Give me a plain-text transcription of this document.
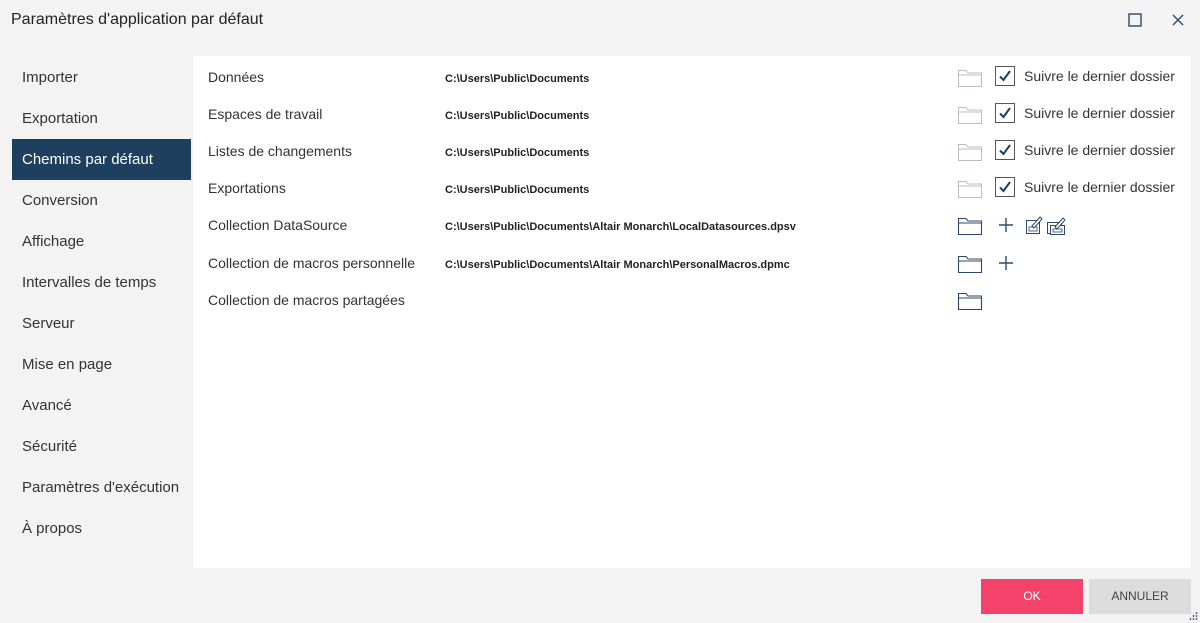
Paramètres d'application par défaut
Importer
Exportation
Chemins par défaut
Conversion
Affichage
Intervalles de temps
Serveur
Mise en page
Avancé
Sécurité
Paramètres d'exécution
À propos
Données	C:\Users\Public\Documents	Suivre le dernier dossier
Espaces de travail	C:\Users\Public\Documents	Suivre le dernier dossier
Listes de changements	C:\Users\Public\Documents	Suivre le dernier dossier
Exportations	C:\Users\Public\Documents	Suivre le dernier dossier
Collection DataSource	C:\Users\Public\Documents\Altair Monarch\LocalDatasources.dpsv
Collection de macros personnelle	C:\Users\Public\Documents\Altair Monarch\PersonalMacros.dpmc
Collection de macros partagées
OK	ANNULER
